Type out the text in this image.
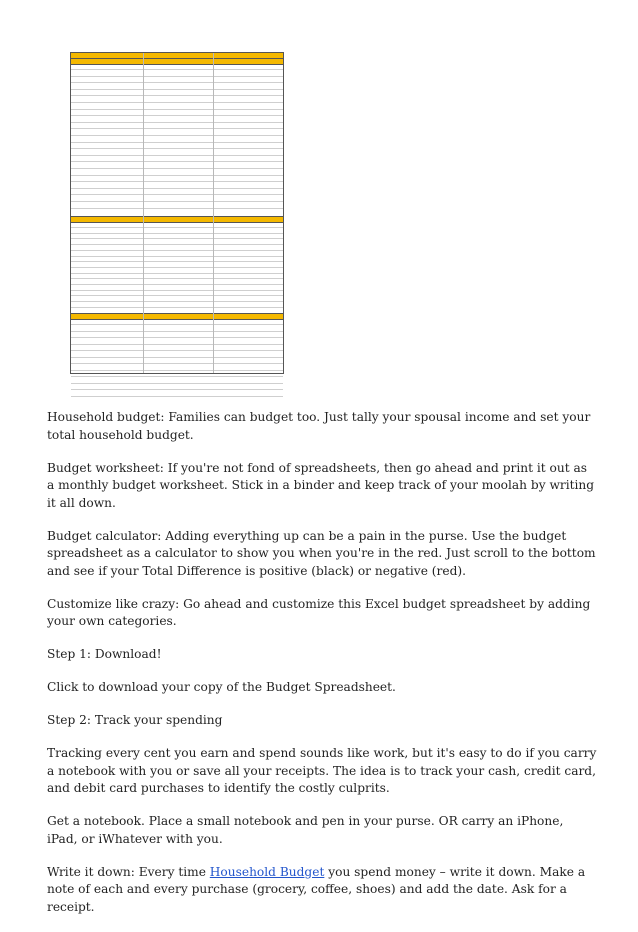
Household budget: Families can budget too. Just tally your spousal income and set your total household budget.

Budget worksheet: If you're not fond of spreadsheets, then go ahead and print it out as a monthly budget worksheet. Stick in a binder and keep track of your moolah by writing it all down.

Budget calculator: Adding everything up can be a pain in the purse. Use the budget spreadsheet as a calculator to show you when you're in the red. Just scroll to the bottom and see if your Total Difference is positive (black) or negative (red).

Customize like crazy: Go ahead and customize this Excel budget spreadsheet by adding your own categories.

Step 1: Download!

Click to download your copy of the Budget Spreadsheet.

Step 2: Track your spending

Tracking every cent you earn and spend sounds like work, but it's easy to do if you carry a notebook with you or save all your receipts. The idea is to track your cash, credit card, and debit card purchases to identify the costly culprits.

Get a notebook. Place a small notebook and pen in your purse. OR carry an iPhone, iPad, or iWhatever with you.

Write it down: Every time Household Budget you spend money – write it down. Make a note of each and every purchase (grocery, coffee, shoes) and add the date. Ask for a receipt.
